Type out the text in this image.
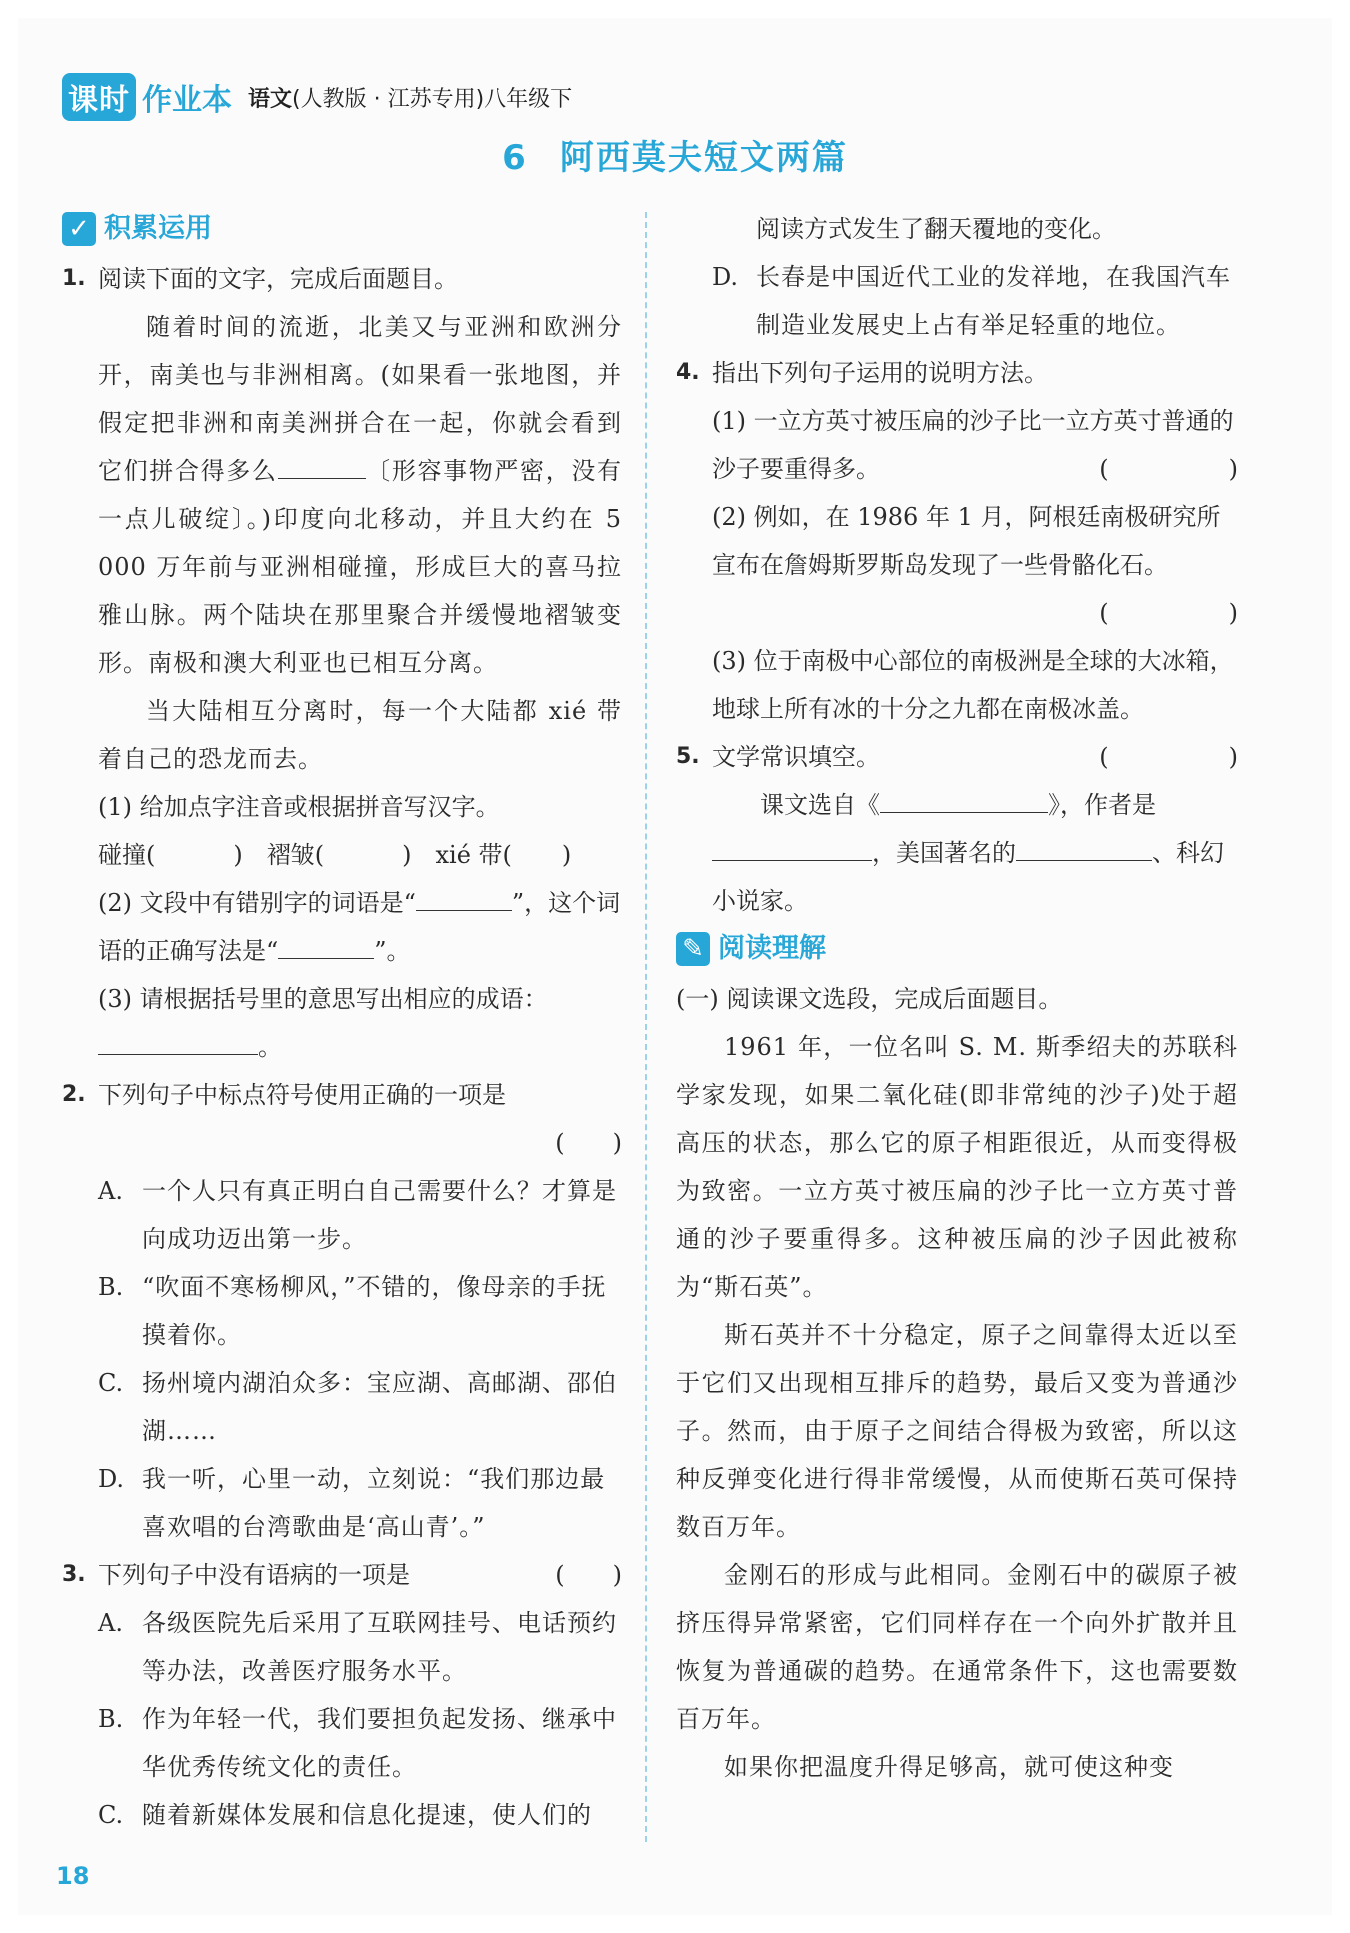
课时 作业本 语文(人教版 · 江苏专用)八年级下
6 阿西莫夫短文两篇
✓ 积累运用
1. 阅读下面的文字，完成后面题目。
随着时间的流逝，北美又与亚洲和欧洲分开，南美也与非洲相离。(如果看一张地图，并假定把非洲和南美洲拼合在一起，你就会看到它们拼合得多么	〔形容事物严密，没有一点儿破绽〕。)印度向北移动，并且大约在 5 000 万年前与亚洲相碰撞，形成巨大的喜马拉雅山脉。两个陆块在那里聚合并缓慢地褶皱变形。南极和澳大利亚也已相互分离。
当大陆相互分离时，每一个大陆都 xié 带着自己的恐龙而去。
(1) 给加点字注音或根据拼音写汉字。
碰撞(	) 褶皱(	) xié 带( )
(2) 文段中有错别字的词语是“	”，这个词语的正确写法是“	”。
(3) 请根据括号里的意思写出相应的成语：
。
2. 下列句子中标点符号使用正确的一项是
(　　)
A. 一个人只有真正明白自己需要什么？才算是向成功迈出第一步。
B. “吹面不寒杨柳风，”不错的，像母亲的手抚摸着你。
C. 扬州境内湖泊众多：宝应湖、高邮湖、邵伯湖……
D. 我一听，心里一动，立刻说：“我们那边最喜欢唱的台湾歌曲是‘高山青’。”
3. 下列句子中没有语病的一项是	(　　)
A. 各级医院先后采用了互联网挂号、电话预约等办法，改善医疗服务水平。
B. 作为年轻一代，我们要担负起发扬、继承中华优秀传统文化的责任。
C. 随着新媒体发展和信息化提速，使人们的
阅读方式发生了翻天覆地的变化。
D. 长春是中国近代工业的发祥地，在我国汽车制造业发展史上占有举足轻重的地位。
4. 指出下列句子运用的说明方法。
(1) 一立方英寸被压扁的沙子比一立方英寸普通的沙子要重得多。	(　　　　　)
(2) 例如，在 1986 年 1 月，阿根廷南极研究所宣布在詹姆斯罗斯岛发现了一些骨骼化石。
(　　　　　)
(3) 位于南极中心部位的南极洲是全球的大冰箱，地球上所有冰的十分之九都在南极冰盖。
(　　　　　)
5. 文学常识填空。
课文选自《	》，作者是
，美国著名的	、科幻小说家。
✎ 阅读理解
(一) 阅读课文选段，完成后面题目。
1961 年，一位名叫 S. M. 斯季绍夫的苏联科学家发现，如果二氧化硅(即非常纯的沙子)处于超高压的状态，那么它的原子相距很近，从而变得极为致密。一立方英寸被压扁的沙子比一立方英寸普通的沙子要重得多。这种被压扁的沙子因此被称为“斯石英”。
斯石英并不十分稳定，原子之间靠得太近以至于它们又出现相互排斥的趋势，最后又变为普通沙子。然而，由于原子之间结合得极为致密，所以这种反弹变化进行得非常缓慢，从而使斯石英可保持数百万年。
金刚石的形成与此相同。金刚石中的碳原子被挤压得异常紧密，它们同样存在一个向外扩散并且恢复为普通碳的趋势。在通常条件下，这也需要数百万年。
如果你把温度升得足够高，就可使这种变
18
